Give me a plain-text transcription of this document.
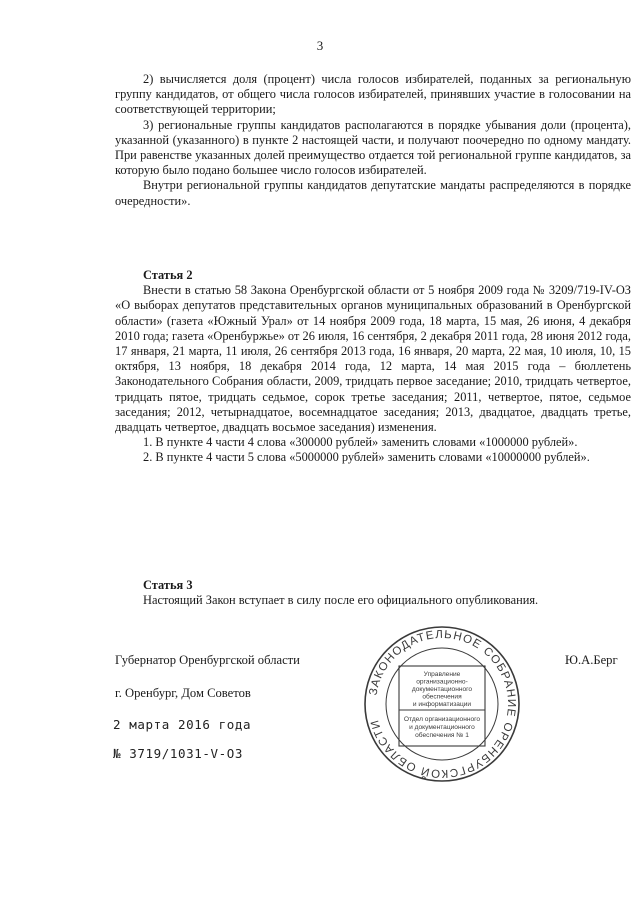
3

2) вычисляется доля (процент) числа голосов избирателей, поданных за региональную группу кандидатов, от общего числа голосов избирателей, принявших участие в голосовании на соответствующей территории;

3) региональные группы кандидатов располагаются в порядке убывания доли (процента), указанной (указанного) в пункте 2 настоящей части, и получают поочередно по одному мандату. При равенстве указанных долей преимущество отдается той региональной группе кандидатов, за которую было подано большее число голосов избирателей.

Внутри региональной группы кандидатов депутатские мандаты распределяются в порядке очередности».

Статья 2

Внести в статью 58 Закона Оренбургской области от 5 ноября 2009 года № 3209/719-IV-ОЗ «О выборах депутатов представительных органов муниципальных образований в Оренбургской области» (газета «Южный Урал» от 14 ноября 2009 года, 18 марта, 15 мая, 26 июня, 4 декабря 2010 года; газета «Оренбуржье» от 26 июля, 16 сентября, 2 декабря 2011 года, 28 июня 2012 года, 17 января, 21 марта, 11 июля, 26 сентября 2013 года, 16 января, 20 марта, 22 мая, 10 июля, 10, 15 октября, 13 ноября, 18 декабря 2014 года, 12 марта, 14 мая 2015 года – бюллетень Законодательного Собрания области, 2009, тридцать первое заседание; 2010, тридцать четвертое, тридцать пятое, тридцать седьмое, сорок третье заседания; 2011, четвертое, пятое, седьмое заседания; 2012, четырнадцатое, восемнадцатое заседания; 2013, двадцатое, двадцать третье, двадцать четвертое, двадцать восьмое заседания) изменения.

1. В пункте 4 части 4 слова «300000 рублей» заменить словами «1000000 рублей».

2. В пункте 4 части 5 слова «5000000 рублей» заменить словами «10000000 рублей».

Статья 3

Настоящий Закон вступает в силу после его официального опубликования.

Губернатор Оренбургской области	Ю.А.Берг
г. Оренбург, Дом Советов
2 марта 2016 года
№ 3719/1031-V-ОЗ
ЗАКОНОДАТЕЛЬНОЕ СОБРАНИЕ ОРЕНБУРГСКОЙ ОБЛАСТИ
Управление
организационно-
документационного
обеспечения
и информатизации
Отдел организационного
и документационного
обеспечения № 1
